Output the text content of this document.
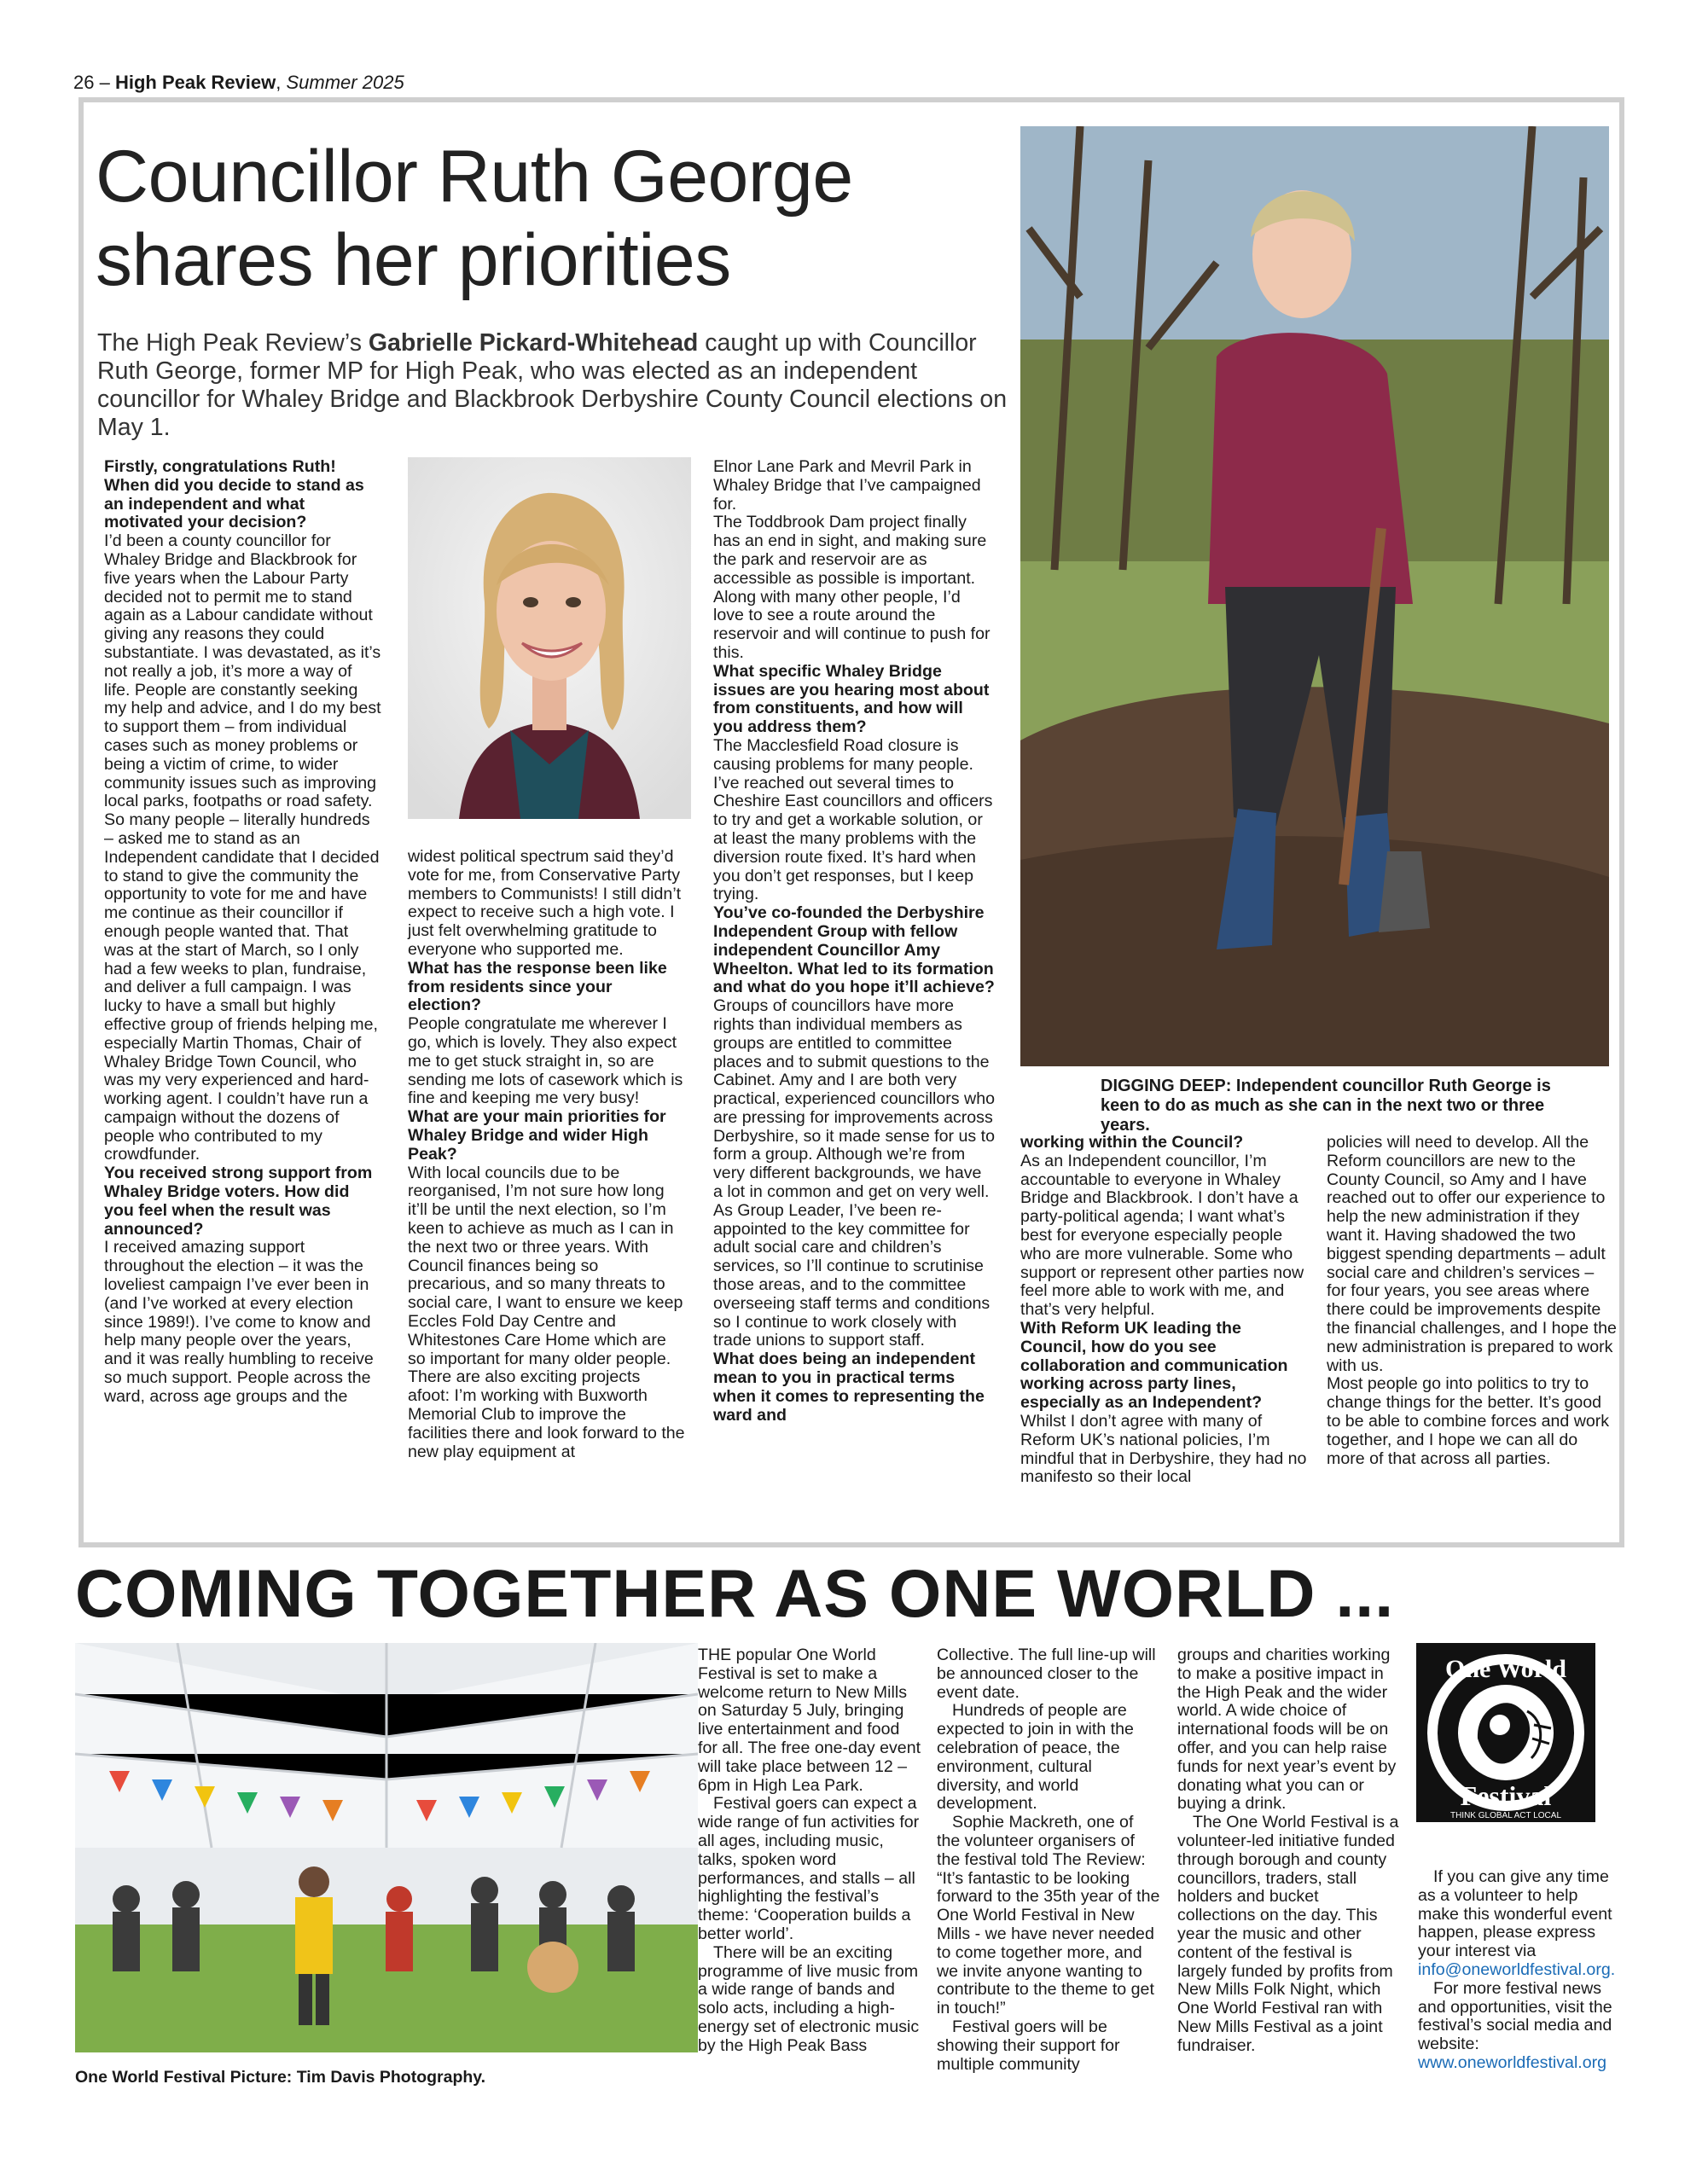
26 – High Peak Review, Summer 2025
Councillor Ruth George
shares her priorities
The High Peak Review’s Gabrielle Pickard-Whitehead caught up with Councillor Ruth George, former MP for High Peak, who was elected as an independent councillor for Whaley Bridge and Blackbrook Derbyshire County Council elections on May 1.

Firstly, congratulations Ruth! When did you decide to stand as an independent and what motivated your decision?

I’d been a county councillor for Whaley Bridge and Blackbrook for five years when the Labour Party decided not to permit me to stand again as a Labour candidate without giving any reasons they could substantiate. I was devastated, as it’s not really a job, it’s more a way of life. People are constantly seeking my help and advice, and I do my best to support them – from individual cases such as money problems or being a victim of crime, to wider community issues such as improving local parks, footpaths or road safety. So many people – literally hundreds – asked me to stand as an Independent candidate that I decided to stand to give the community the opportunity to vote for me and have me continue as their councillor if enough people wanted that. That was at the start of March, so I only had a few weeks to plan, fundraise, and deliver a full campaign. I was lucky to have a small but highly effective group of friends helping me, especially Martin Thomas, Chair of Whaley Bridge Town Council, who was my very experienced and hard-working agent. I couldn’t have run a campaign without the dozens of people who contributed to my crowdfunder.

You received strong support from Whaley Bridge voters. How did you feel when the result was announced?

I received amazing support throughout the election – it was the loveliest campaign I’ve ever been in (and I’ve worked at every election since 1989!). I’ve come to know and help many people over the years, and it was really humbling to receive so much support. People across the ward, across age groups and the

widest political spectrum said they’d vote for me, from Conservative Party members to Communists! I still didn’t expect to receive such a high vote. I just felt overwhelming gratitude to everyone who supported me.

What has the response been like from residents since your election?

People congratulate me wherever I go, which is lovely. They also expect me to get stuck straight in, so are sending me lots of casework which is fine and keeping me very busy!

What are your main priorities for Whaley Bridge and wider High Peak?

With local councils due to be reorganised, I’m not sure how long it’ll be until the next election, so I’m keen to achieve as much as I can in the next two or three years. With Council finances being so precarious, and so many threats to social care, I want to ensure we keep Eccles Fold Day Centre and Whitestones Care Home which are so important for many older people. There are also exciting projects afoot: I’m working with Buxworth Memorial Club to improve the facilities there and look forward to the new play equipment at

Elnor Lane Park and Mevril Park in Whaley Bridge that I’ve campaigned for.

The Toddbrook Dam project finally has an end in sight, and making sure the park and reservoir are as accessible as possible is important. Along with many other people, I’d love to see a route around the reservoir and will continue to push for this.

What specific Whaley Bridge issues are you hearing most about from constituents, and how will you address them?

The Macclesfield Road closure is causing problems for many people. I’ve reached out several times to Cheshire East councillors and officers to try and get a workable solution, or at least the many problems with the diversion route fixed. It’s hard when you don’t get responses, but I keep trying.

You’ve co-founded the Derbyshire Independent Group with fellow independent Councillor Amy Wheelton. What led to its formation and what do you hope it’ll achieve?

Groups of councillors have more rights than individual members as groups are entitled to committee places and to submit questions to the Cabinet. Amy and I are both very practical, experienced councillors who are pressing for improvements across Derbyshire, so it made sense for us to form a group. Although we’re from very different backgrounds, we have a lot in common and get on very well. As Group Leader, I’ve been re-appointed to the key committee for adult social care and children’s services, so I’ll continue to scrutinise those areas, and to the committee overseeing staff terms and conditions so I continue to work closely with trade unions to support staff.

What does being an independent mean to you in practical terms when it comes to representing the ward and

working within the Council?

As an Independent councillor, I’m accountable to everyone in Whaley Bridge and Blackbrook. I don’t have a party-political agenda; I want what’s best for everyone especially people who are more vulnerable. Some who support or represent other parties now feel more able to work with me, and that’s very helpful.

With Reform UK leading the Council, how do you see collaboration and communication working across party lines, especially as an Independent?

Whilst I don’t agree with many of Reform UK’s national policies, I’m mindful that in Derbyshire, they had no manifesto so their local

policies will need to develop. All the Reform councillors are new to the County Council, so Amy and I have reached out to offer our experience to help the new administration if they want it. Having shadowed the two biggest spending departments – adult social care and children’s services – for four years, you see areas where there could be improvements despite the financial challenges, and I hope the new administration is prepared to work with us.

Most people go into politics to try to change things for the better. It’s good to be able to combine forces and work together, and I hope we can all do more of that across all parties.

DIGGING DEEP: Independent councillor Ruth George is keen to do as much as she can in the next two or three years.
COMING TOGETHER AS ONE WORLD ...
One World Festival Picture: Tim Davis Photography.

THE popular One World Festival is set to make a welcome return to New Mills on Saturday 5 July, bringing live entertainment and food for all. The free one-day event will take place between 12 – 6pm in High Lea Park.

Festival goers can expect a wide range of fun activities for all ages, including music, talks, spoken word performances, and stalls – all highlighting the festival’s theme: ‘Cooperation builds a better world’.

There will be an exciting programme of live music from a wide range of bands and solo acts, including a high-energy set of electronic music by the High Peak Bass

Collective. The full line-up will be announced closer to the event date.

Hundreds of people are expected to join in with the celebration of peace, the environment, cultural diversity, and world development.

Sophie Mackreth, one of the volunteer organisers of the festival told The Review: “It’s fantastic to be looking forward to the 35th year of the One World Festival in New Mills - we have never needed to come together more, and we invite anyone wanting to contribute to the theme to get in touch!”

Festival goers will be showing their support for multiple community

groups and charities working to make a positive impact in the High Peak and the wider world. A wide choice of international foods will be on offer, and you can help raise funds for next year’s event by donating what you can or buying a drink.

The One World Festival is a volunteer-led initiative funded through borough and county councillors, traders, stall holders and bucket collections on the day. This year the music and other content of the festival is largely funded by profits from New Mills Folk Night, which One World Festival ran with New Mills Festival as a joint fundraiser.

One World
Festival
THINK GLOBAL ACT LOCAL

If you can give any time as a volunteer to help make this wonderful event happen, please express your interest via info@oneworldfestival.org.

For more festival news and opportunities, visit the festival’s social media and website: www.oneworldfestival.org
